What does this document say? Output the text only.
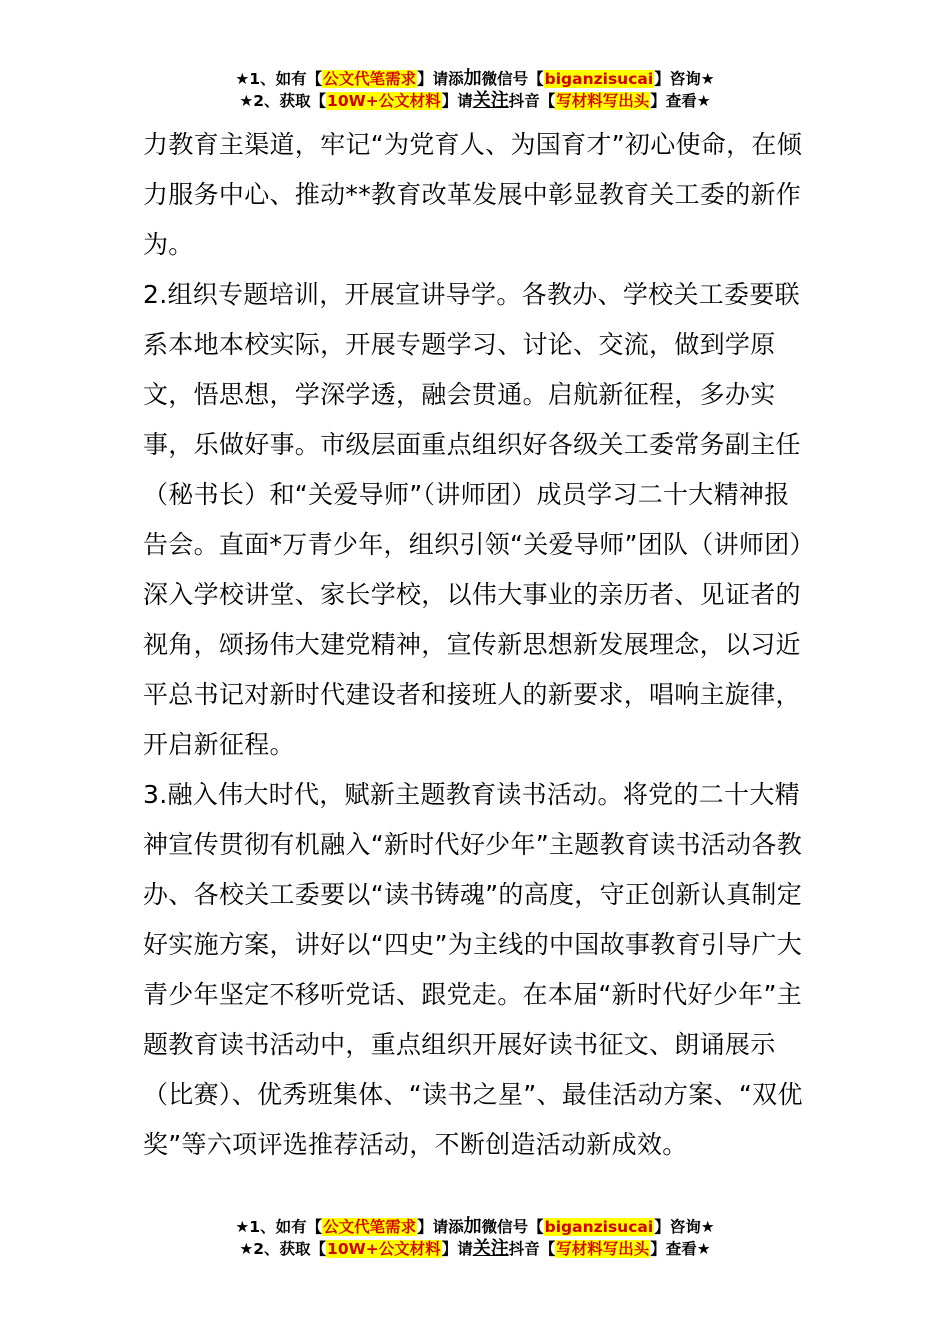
★1、如有【公文代笔需求】请添加微信号【biganzisucai】咨询★
★2、获取【10W+公文材料】请关注抖音【写材料写出头】查看★

力教育主渠道，牢记“为党育人、为国育才”初心使命，在倾力服务中心、推动**教育改革发展中彰显教育关工委的新作为。

2.组织专题培训，开展宣讲导学。各教办、学校关工委要联系本地本校实际，开展专题学习、讨论、交流，做到学原文，悟思想，学深学透，融会贯通。启航新征程，多办实事，乐做好事。市级层面重点组织好各级关工委常务副主任（秘书长）和“关爱导师”（讲师团）成员学习二十大精神报告会。直面*万青少年，组织引领“关爱导师”团队（讲师团）深入学校讲堂、家长学校，以伟大事业的亲历者、见证者的视角，颂扬伟大建党精神，宣传新思想新发展理念，以习近平总书记对新时代建设者和接班人的新要求，唱响主旋律，开启新征程。

3.融入伟大时代，赋新主题教育读书活动。将党的二十大精神宣传贯彻有机融入“新时代好少年”主题教育读书活动各教办、各校关工委要以“读书铸魂”的高度，守正创新认真制定好实施方案，讲好以“四史”为主线的中国故事教育引导广大青少年坚定不移听党话、跟党走。在本届“新时代好少年”主题教育读书活动中，重点组织开展好读书征文、朗诵展示（比赛）、优秀班集体、“读书之星”、最佳活动方案、“双优奖”等六项评选推荐活动，不断创造活动新成效。

★1、如有【公文代笔需求】请添加微信号【biganzisucai】咨询★
★2、获取【10W+公文材料】请关注抖音【写材料写出头】查看★
